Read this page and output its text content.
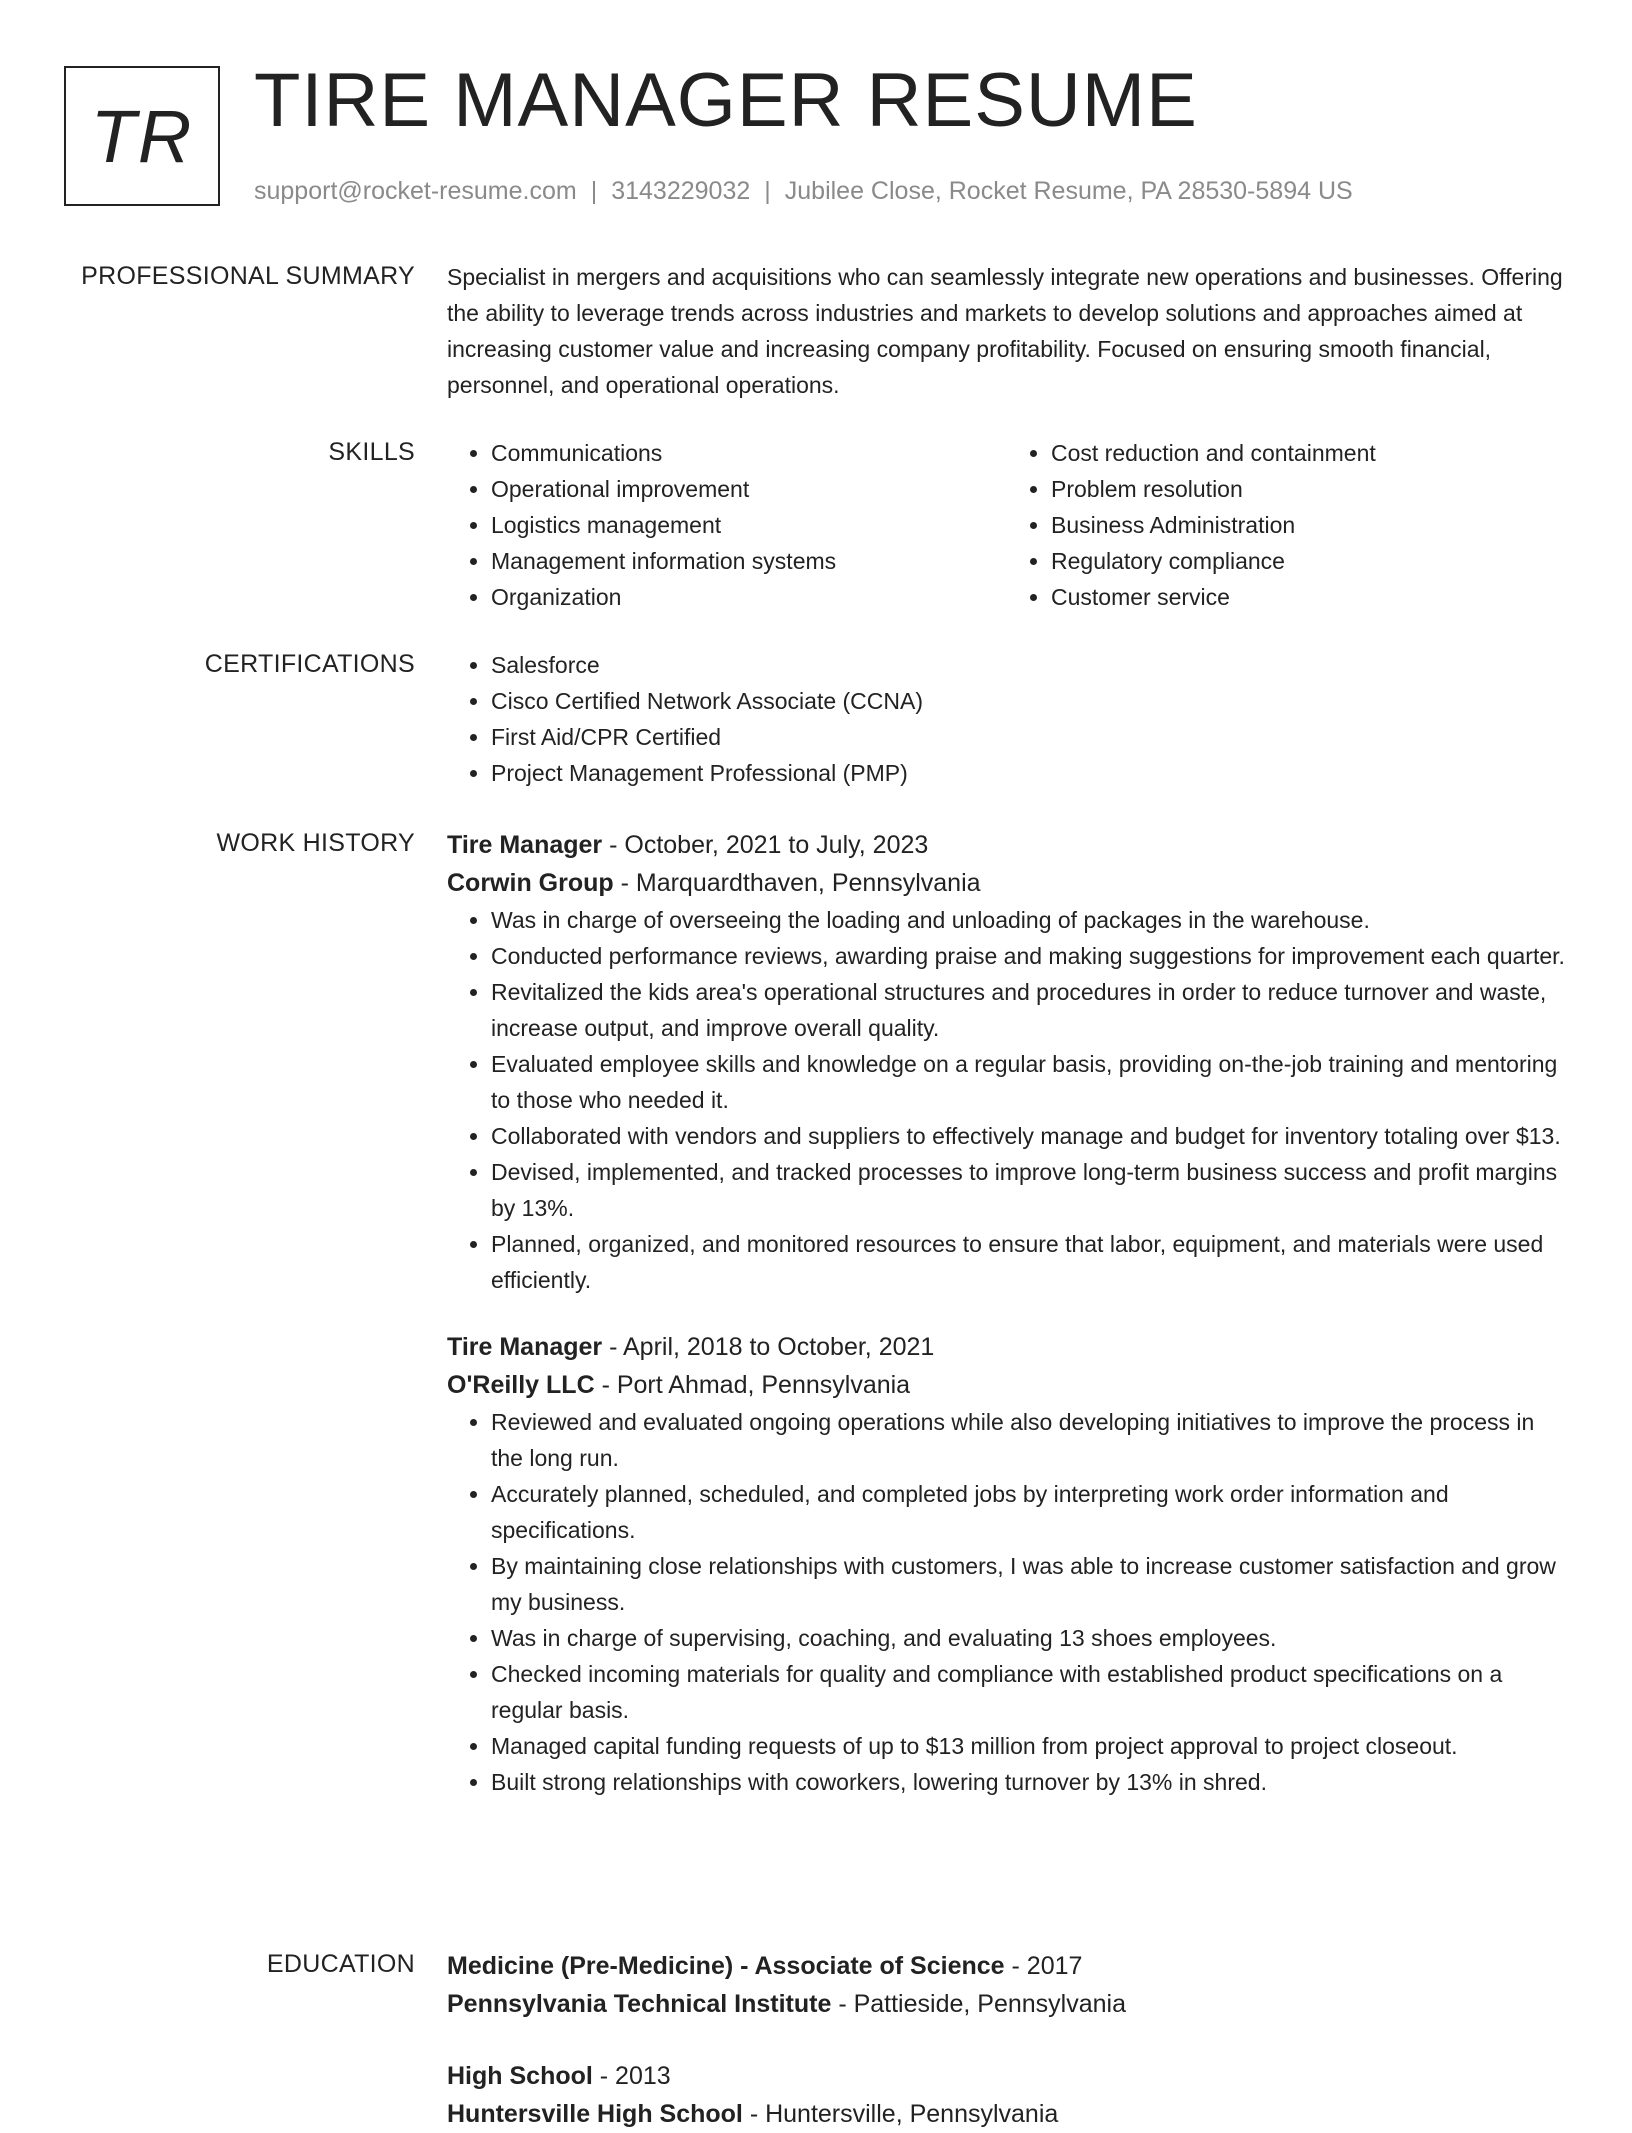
TR TIRE MANAGER RESUME
support@rocket-resume.com | 3143229032 | Jubilee Close, Rocket Resume, PA 28530-5894 US
PROFESSIONAL SUMMARY Specialist in mergers and acquisitions who can seamlessly integrate new operations and businesses. Offering the ability to leverage trends across industries and markets to develop solutions and approaches aimed at increasing customer value and increasing company profitability. Focused on ensuring smooth financial, personnel, and operational operations.

SKILLS	• Communications
• Operational improvement
• Logistics management
• Management information systems
• Organization
• Cost reduction and containment
• Problem resolution
• Business Administration
• Regulatory compliance
• Customer service
CERTIFICATIONS	• Salesforce
• Cisco Certified Network Associate (CCNA)
• First Aid/CPR Certified
• Project Management Professional (PMP)
WORK HISTORY Tire Manager - October, 2021 to July, 2023
Corwin Group - Marquardthaven, Pennsylvania
• Was in charge of overseeing the loading and unloading of packages in the warehouse.
• Conducted performance reviews, awarding praise and making suggestions for improvement each quarter.
• Revitalized the kids area's operational structures and procedures in order to reduce turnover and waste, increase output, and improve overall quality.
• Evaluated employee skills and knowledge on a regular basis, providing on-the-job training and mentoring to those who needed it.
• Collaborated with vendors and suppliers to effectively manage and budget for inventory totaling over $13.
• Devised, implemented, and tracked processes to improve long-term business success and profit margins by 13%.
• Planned, organized, and monitored resources to ensure that labor, equipment, and materials were used efficiently.
Tire Manager - April, 2018 to October, 2021
O'Reilly LLC - Port Ahmad, Pennsylvania
• Reviewed and evaluated ongoing operations while also developing initiatives to improve the process in the long run.
• Accurately planned, scheduled, and completed jobs by interpreting work order information and specifications.
• By maintaining close relationships with customers, I was able to increase customer satisfaction and grow my business.
• Was in charge of supervising, coaching, and evaluating 13 shoes employees.
• Checked incoming materials for quality and compliance with established product specifications on a regular basis.
• Managed capital funding requests of up to $13 million from project approval to project closeout.
• Built strong relationships with coworkers, lowering turnover by 13% in shred.
EDUCATION Medicine (Pre-Medicine) - Associate of Science - 2017
Pennsylvania Technical Institute - Pattieside, Pennsylvania
High School - 2013
Huntersville High School - Huntersville, Pennsylvania
